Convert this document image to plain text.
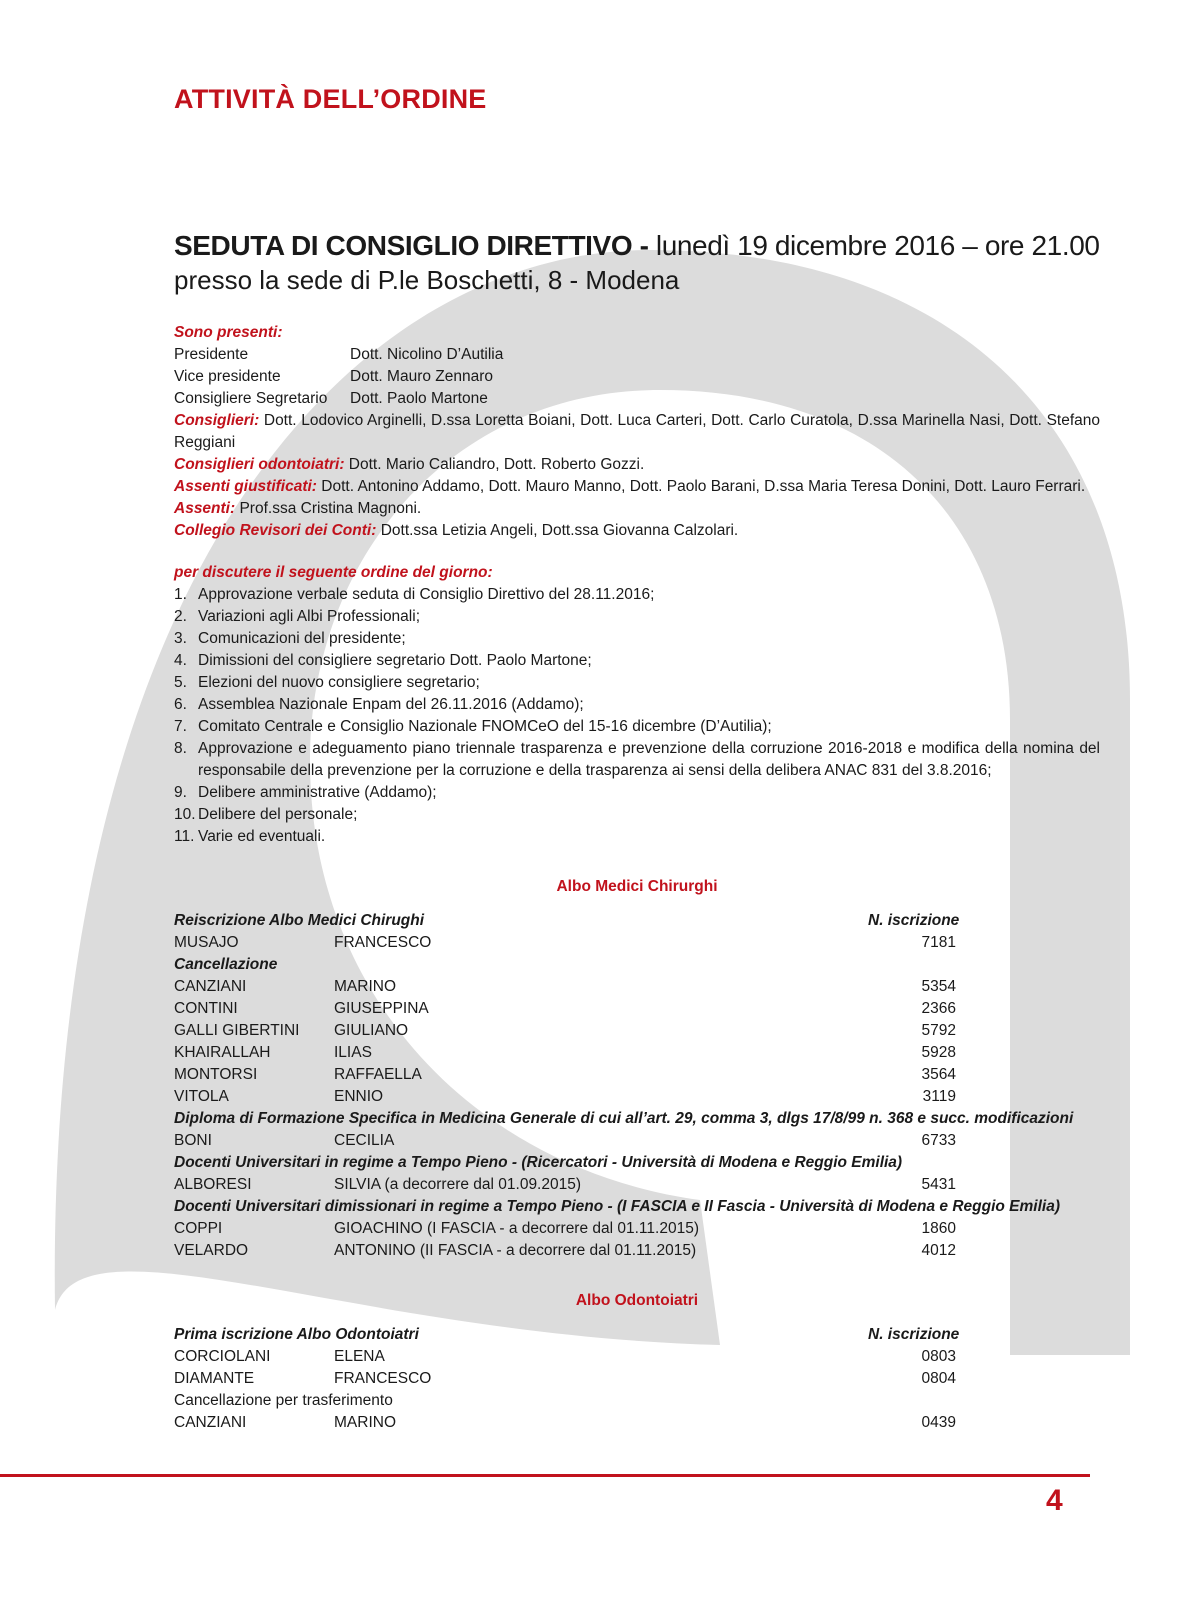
ATTIVITÀ DELL’ORDINE
SEDUTA DI CONSIGLIO DIRETTIVO - lunedì 19 dicembre 2016 – ore 21.00
presso la sede di P.le Boschetti, 8 - Modena
Sono presenti:
Presidente	Dott. Nicolino D’Autilia
Vice presidente	Dott. Mauro Zennaro
Consigliere Segretario	Dott. Paolo Martone
Consiglieri: Dott. Lodovico Arginelli, D.ssa Loretta Boiani, Dott. Luca Carteri, Dott. Carlo Curatola, D.ssa Marinella Nasi, Dott. Stefano Reggiani
Consiglieri odontoiatri: Dott. Mario Caliandro, Dott. Roberto Gozzi.
Assenti giustificati: Dott. Antonino Addamo, Dott. Mauro Manno, Dott. Paolo Barani, D.ssa Maria Teresa Donini, Dott. Lauro Ferrari.
Assenti: Prof.ssa Cristina Magnoni.
Collegio Revisori dei Conti: Dott.ssa Letizia Angeli, Dott.ssa Giovanna Calzolari.
per discutere il seguente ordine del giorno:
1. Approvazione verbale seduta di Consiglio Direttivo del 28.11.2016;
2. Variazioni agli Albi Professionali;
3. Comunicazioni del presidente;
4. Dimissioni del consigliere segretario Dott. Paolo Martone;
5. Elezioni del nuovo consigliere segretario;
6. Assemblea Nazionale Enpam del 26.11.2016 (Addamo);
7. Comitato Centrale e Consiglio Nazionale FNOMCeO del 15-16 dicembre (D’Autilia);
8. Approvazione e adeguamento piano triennale trasparenza e prevenzione della corruzione 2016-2018 e modifica della nomina del responsabile della prevenzione per la corruzione e della trasparenza ai sensi della delibera ANAC 831 del 3.8.2016;
9. Delibere amministrative (Addamo);
10. Delibere del personale;
11. Varie ed eventuali.
Albo Medici Chirurghi
Reiscrizione Albo Medici Chirughi	N. iscrizione
MUSAJO	FRANCESCO	7181
Cancellazione
CANZIANI	MARINO	5354
CONTINI	GIUSEPPINA	2366
GALLI GIBERTINI	GIULIANO	5792
KHAIRALLAH	ILIAS	5928
MONTORSI	RAFFAELLA	3564
VITOLA	ENNIO	3119
Diploma di Formazione Specifica in Medicina Generale di cui all’art. 29, comma 3, dlgs 17/8/99 n. 368 e succ. modificazioni
BONI	CECILIA	6733
Docenti Universitari in regime a Tempo Pieno - (Ricercatori - Università di Modena e Reggio Emilia)
ALBORESI	SILVIA (a decorrere dal 01.09.2015)	5431
Docenti Universitari dimissionari in regime a Tempo Pieno - (I FASCIA e II Fascia - Università di Modena e Reggio Emilia)
COPPI	GIOACHINO (I FASCIA - a decorrere dal 01.11.2015)	1860
VELARDO	ANTONINO (II FASCIA - a decorrere dal 01.11.2015)	4012
Albo Odontoiatri
Prima iscrizione Albo Odontoiatri	N. iscrizione
CORCIOLANI	ELENA	0803
DIAMANTE	FRANCESCO	0804
Cancellazione per trasferimento
CANZIANI	MARINO	0439
4
